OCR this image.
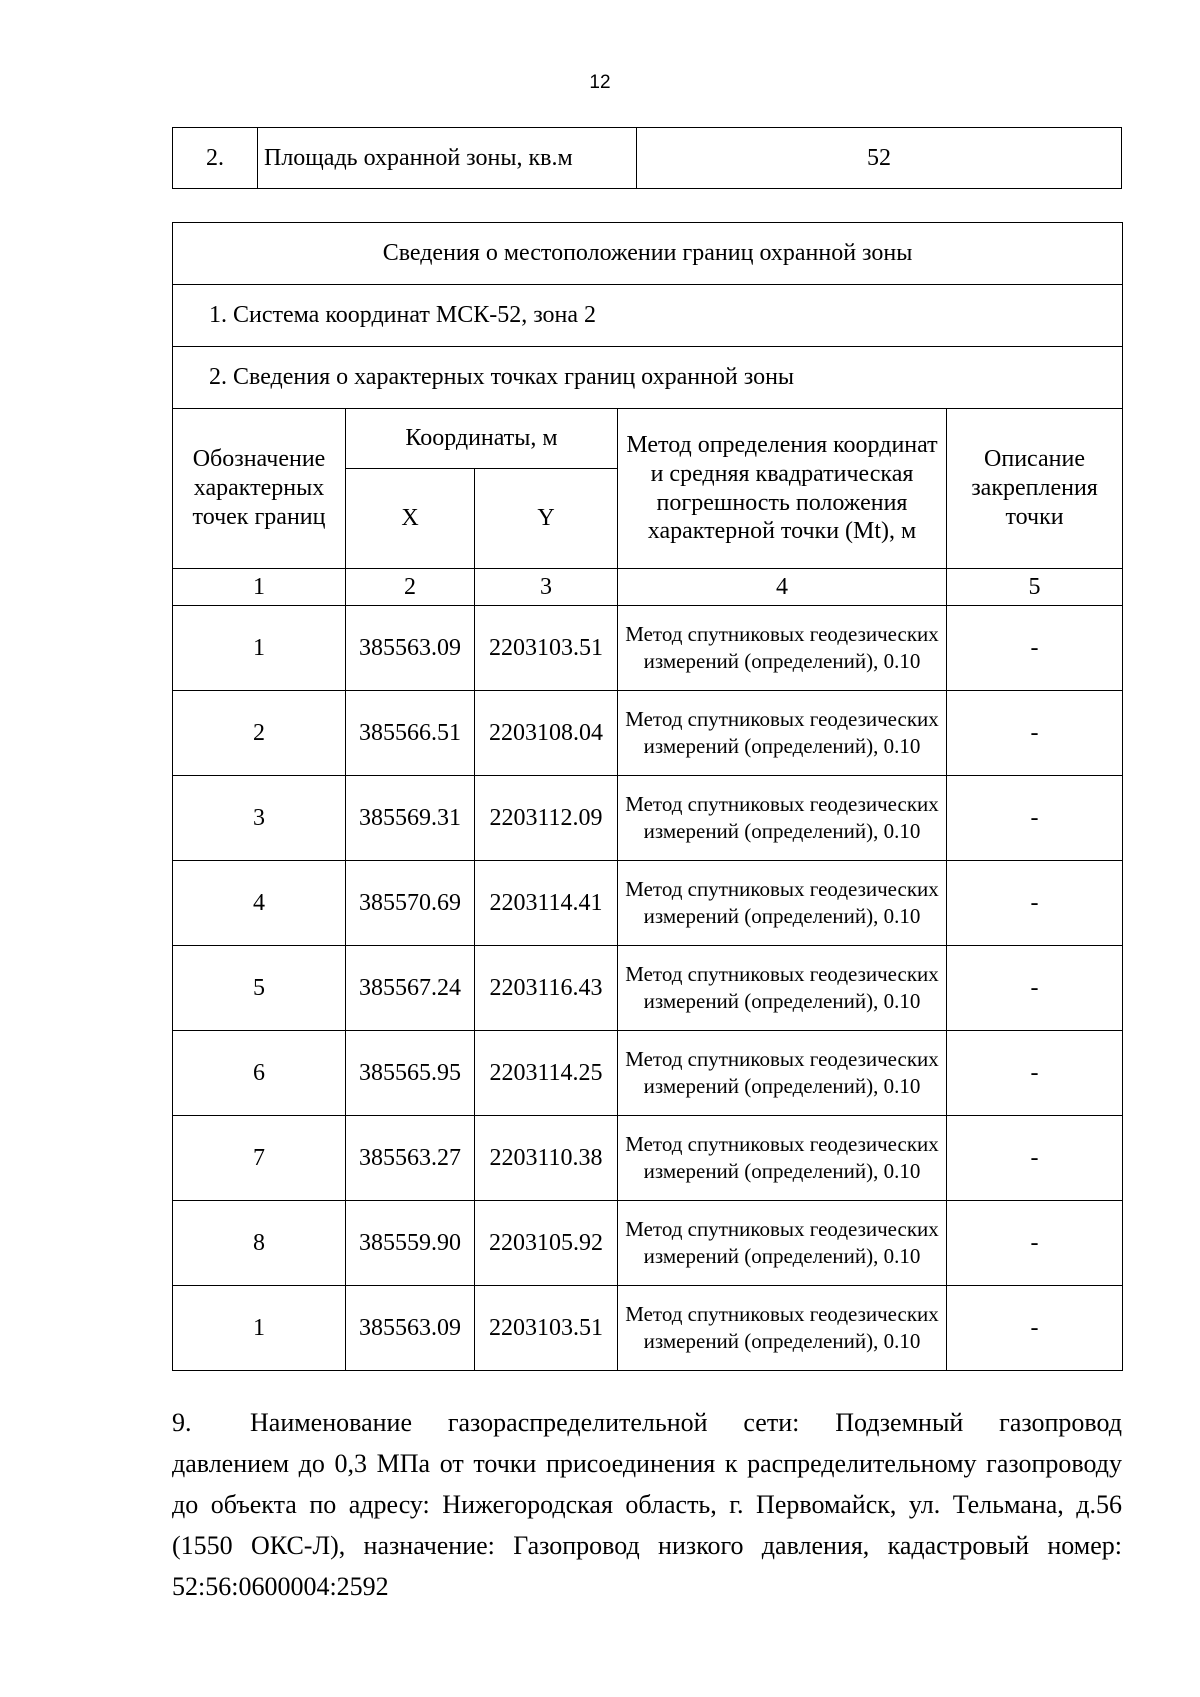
12
2.	Площадь охранной зоны, кв.м	52
Сведения о местоположении границ охранной зоны				
1. Система координат МСК-52, зона 2				
2. Сведения о характерных точках границ охранной зоны				
Обозначение характерных точек границ	Координаты, м		Метод определения координат и средняя квадратическая погрешность положения характерной точки (Mt), м	Описание закрепления точки
	X	Y		
1	2	3	4	5
1	385563.09	2203103.51	Метод спутниковых геодезических измерений (определений), 0.10	-
2	385566.51	2203108.04	Метод спутниковых геодезических измерений (определений), 0.10	-
3	385569.31	2203112.09	Метод спутниковых геодезических измерений (определений), 0.10	-
4	385570.69	2203114.41	Метод спутниковых геодезических измерений (определений), 0.10	-
5	385567.24	2203116.43	Метод спутниковых геодезических измерений (определений), 0.10	-
6	385565.95	2203114.25	Метод спутниковых геодезических измерений (определений), 0.10	-
7	385563.27	2203110.38	Метод спутниковых геодезических измерений (определений), 0.10	-
8	385559.90	2203105.92	Метод спутниковых геодезических измерений (определений), 0.10	-
1	385563.09	2203103.51	Метод спутниковых геодезических измерений (определений), 0.10	-
9. Наименование газораспределительной сети: Подземный газопровод давлением до 0,3 МПа от точки присоединения к распределительному газопроводу до объекта по адресу: Нижегородская область, г. Первомайск, ул. Тельмана, д.56 (1550 ОКС-Л), назначение: Газопровод низкого давления, кадастровый номер: 52:56:0600004:2592
